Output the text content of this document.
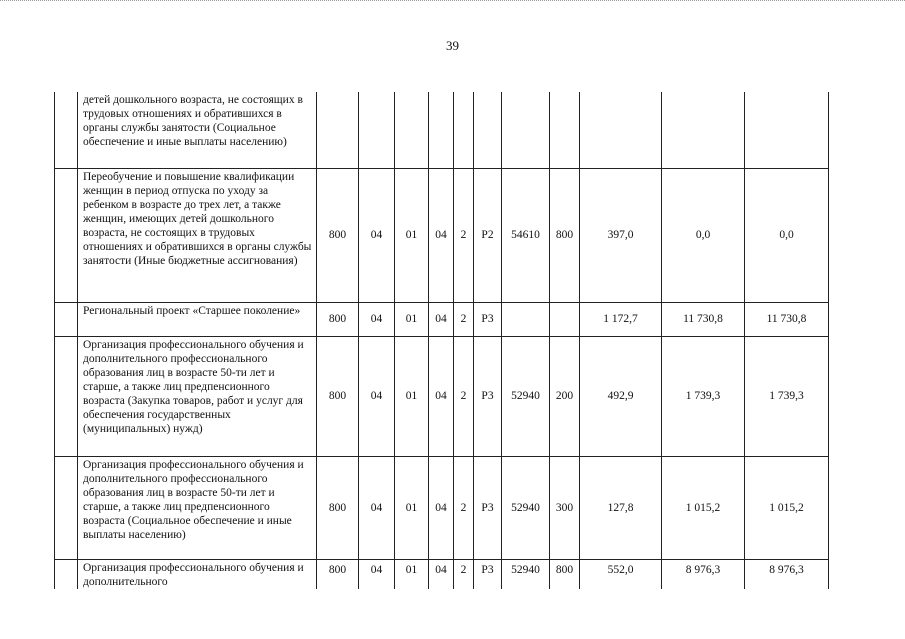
39
	детей дошкольного возраста, не состоящих в трудовых отношениях и обратившихся в органы службы занятости (Социальное обеспечение и иные выплаты населению)											
	Переобучение и повышение квалификации женщин в период отпуска по уходу за ребенком в возрасте до трех лет, а также женщин, имеющих детей дошкольного возраста, не состоящих в трудовых отношениях и обратившихся в органы службы занятости (Иные бюджетные ассигнования)	800	04	01	04	2	P2	54610	800	397,0	0,0	0,0
	Региональный проект «Старшее поколение»	800	04	01	04	2	P3			1 172,7	11 730,8	11 730,8
	Организация профессионального обучения и дополнительного профессионального образования лиц в возрасте 50-ти лет и старше, а также лиц предпенсионного возраста (Закупка товаров, работ и услуг для обеспечения государственных (муниципальных) нужд)	800	04	01	04	2	P3	52940	200	492,9	1 739,3	1 739,3
	Организация профессионального обучения и дополнительного профессионального образования лиц в возрасте 50-ти лет и старше, а также лиц предпенсионного возраста (Социальное обеспечение и иные выплаты населению)	800	04	01	04	2	P3	52940	300	127,8	1 015,2	1 015,2
	Организация профессионального обучения и дополнительного	800	04	01	04	2	P3	52940	800	552,0	8 976,3	8 976,3
